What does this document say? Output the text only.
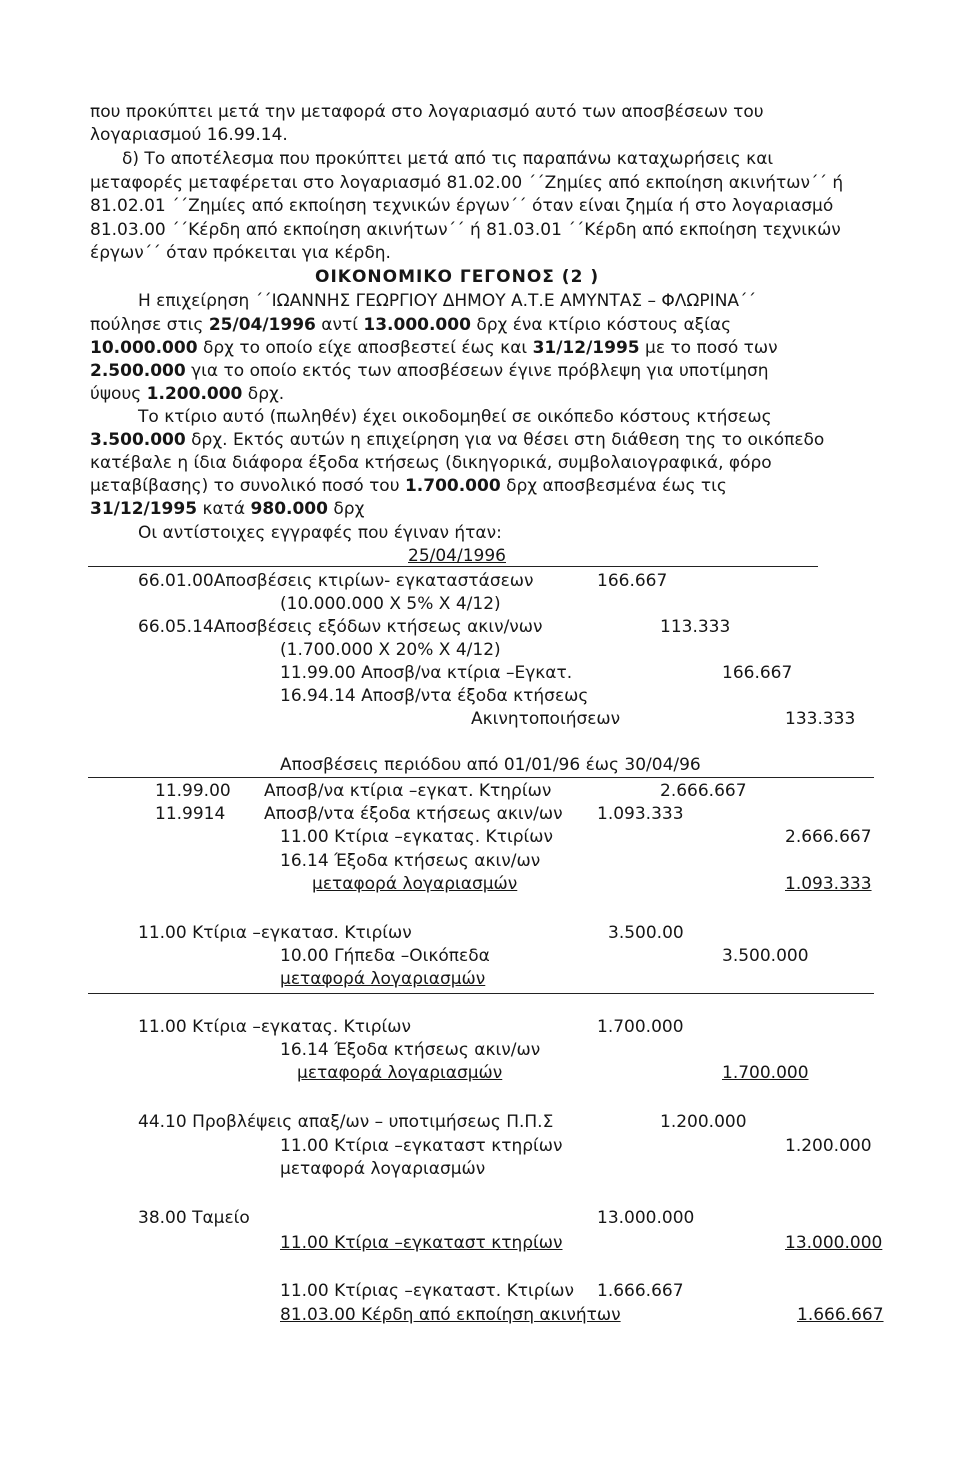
που προκύπτει μετά την μεταφορά στο λογαριασμό αυτό των αποσβέσεων του
λογαριασμού 16.99.14.
δ) Το αποτέλεσμα που προκύπτει μετά από τις παραπάνω καταχωρήσεις και
μεταφορές μεταφέρεται στο λογαριασμό 81.02.00 ΄΄Ζημίες από εκποίηση ακινήτων΄΄ ή
81.02.01 ΄΄Ζημίες από εκποίηση τεχνικών έργων΄΄ όταν είναι ζημία ή στο λογαριασμό
81.03.00 ΄΄Κέρδη από εκποίηση ακινήτων΄΄ ή 81.03.01 ΄΄Κέρδη από εκποίηση τεχνικών
έργων΄΄ όταν πρόκειται για κέρδη.
ΟΙΚΟΝΟΜΙΚΟ ΓΕΓΟΝΟΣ (2 )
Η επιχείρηση ΄΄ΙΩΑΝΝΗΣ ΓΕΩΡΓΙΟΥ ΔΗΜΟΥ Α.Τ.Ε ΑΜΥΝΤΑΣ – ΦΛΩΡΙΝΑ΄΄
πούλησε στις 25/04/1996 αντί 13.000.000 δρχ ένα κτίριο κόστους αξίας
10.000.000 δρχ το οποίο είχε αποσβεστεί έως και 31/12/1995 με το ποσό των
2.500.000 για το οποίο εκτός των αποσβέσεων έγινε πρόβλεψη για υποτίμηση
ύψους 1.200.000 δρχ.
Το κτίριο αυτό (πωληθέν) έχει οικοδομηθεί σε οικόπεδο κόστους κτήσεως
3.500.000 δρχ. Εκτός αυτών η επιχείρηση για να θέσει στη διάθεση της το οικόπεδο
κατέβαλε η ίδια διάφορα έξοδα κτήσεως (δικηγορικά, συμβολαιογραφικά, φόρο
μεταβίβασης) το συνολικό ποσό του 1.700.000 δρχ αποσβεσμένα έως τις
31/12/1995 κατά 980.000 δρχ
Οι αντίστοιχες εγγραφές που έγιναν ήταν:
25/04/1996
66.01.00Αποσβέσεις κτιρίων- εγκαταστάσεων	166.667
(10.000.000 X 5% X 4/12)
66.05.14Αποσβέσεις εξόδων κτήσεως ακιν/νων	113.333
(1.700.000 X 20% X 4/12)
11.99.00 Αποσβ/να κτίρια –Εγκατ.	166.667
16.94.14 Αποσβ/ντα έξοδα κτήσεως
Ακινητοποιήσεων	133.333
Αποσβέσεις περιόδου από 01/01/96 έως 30/04/96
11.99.00 Αποσβ/να κτίρια –εγκατ. Κτηρίων	2.666.667
11.9914 Αποσβ/ντα έξοδα κτήσεως ακιν/ων 1.093.333
11.00 Κτίρια –εγκατας. Κτιρίων	2.666.667
16.14 Έξοδα κτήσεως ακιν/ων
μεταφορά λογαριασμών	1.093.333
11.00 Κτίρια –εγκατασ. Κτιρίων	3.500.00
10.00 Γήπεδα –Οικόπεδα	3.500.000
μεταφορά λογαριασμών
11.00 Κτίρια –εγκατας. Κτιρίων	1.700.000
16.14 Έξοδα κτήσεως ακιν/ων
μεταφορά λογαριασμών	1.700.000
44.10 Προβλέψεις απαξ/ων – υποτιμήσεως Π.Π.Σ	1.200.000
11.00 Κτίρια –εγκαταστ κτηρίων	1.200.000
μεταφορά λογαριασμών
38.00 Ταμείο	13.000.000
11.00 Κτίρια –εγκαταστ κτηρίων	13.000.000
11.00 Κτίριας –εγκαταστ. Κτιρίων 1.666.667
81.03.00 Κέρδη από εκποίηση ακινήτων	1.666.667
